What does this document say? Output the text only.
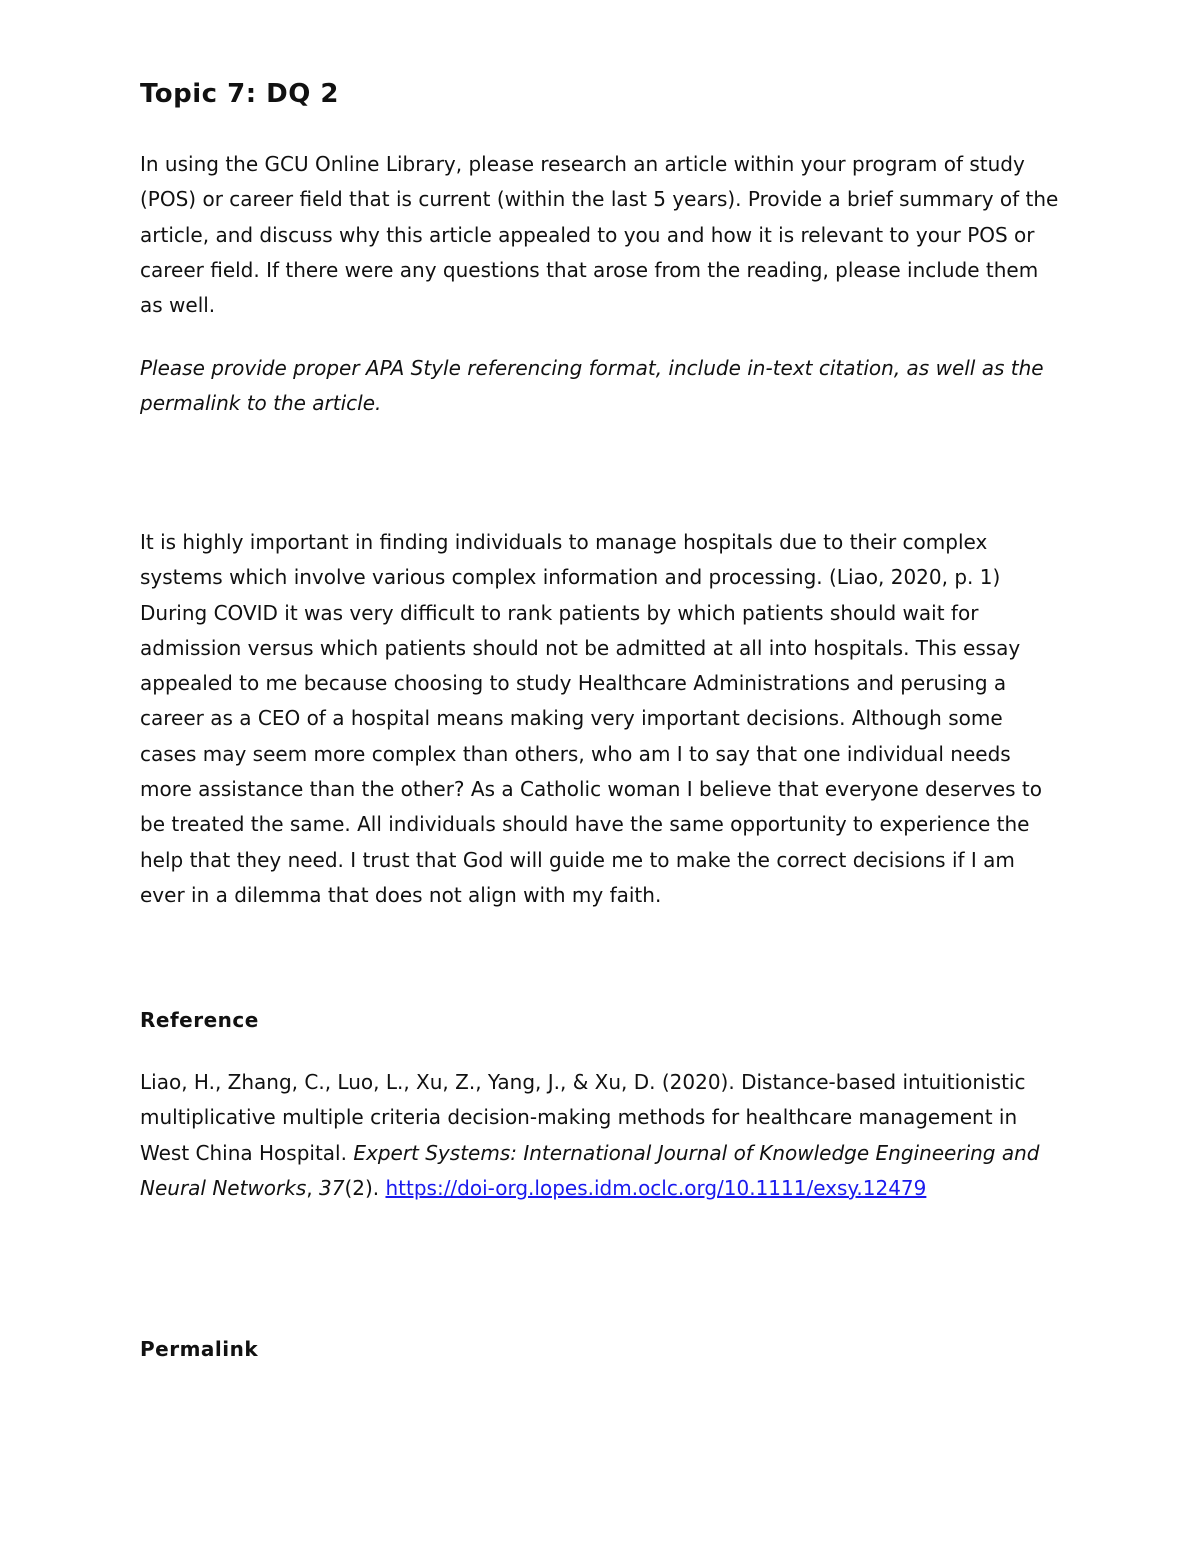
Topic 7: DQ 2

In using the GCU Online Library, please research an article within your program of study (POS) or career field that is current (within the last 5 years). Provide a brief summary of the article, and discuss why this article appealed to you and how it is relevant to your POS or career field. If there were any questions that arose from the reading, please include them as well.

Please provide proper APA Style referencing format, include in-text citation, as well as the permalink to the article.

It is highly important in finding individuals to manage hospitals due to their complex systems which involve various complex information and processing. (Liao, 2020, p. 1) During COVID it was very difficult to rank patients by which patients should wait for admission versus which patients should not be admitted at all into hospitals. This essay appealed to me because choosing to study Healthcare Administrations and perusing a career as a CEO of a hospital means making very important decisions. Although some cases may seem more complex than others, who am I to say that one individual needs more assistance than the other? As a Catholic woman I believe that everyone deserves to be treated the same. All individuals should have the same opportunity to experience the help that they need. I trust that God will guide me to make the correct decisions if I am ever in a dilemma that does not align with my faith.

Reference

Liao, H., Zhang, C., Luo, L., Xu, Z., Yang, J., & Xu, D. (2020). Distance-based intuitionistic multiplicative multiple criteria decision-making methods for healthcare management in West China Hospital. Expert Systems: International Journal of Knowledge Engineering and Neural Networks, 37(2). https://doi-org.lopes.idm.oclc.org/10.1111/exsy.12479

Permalink
